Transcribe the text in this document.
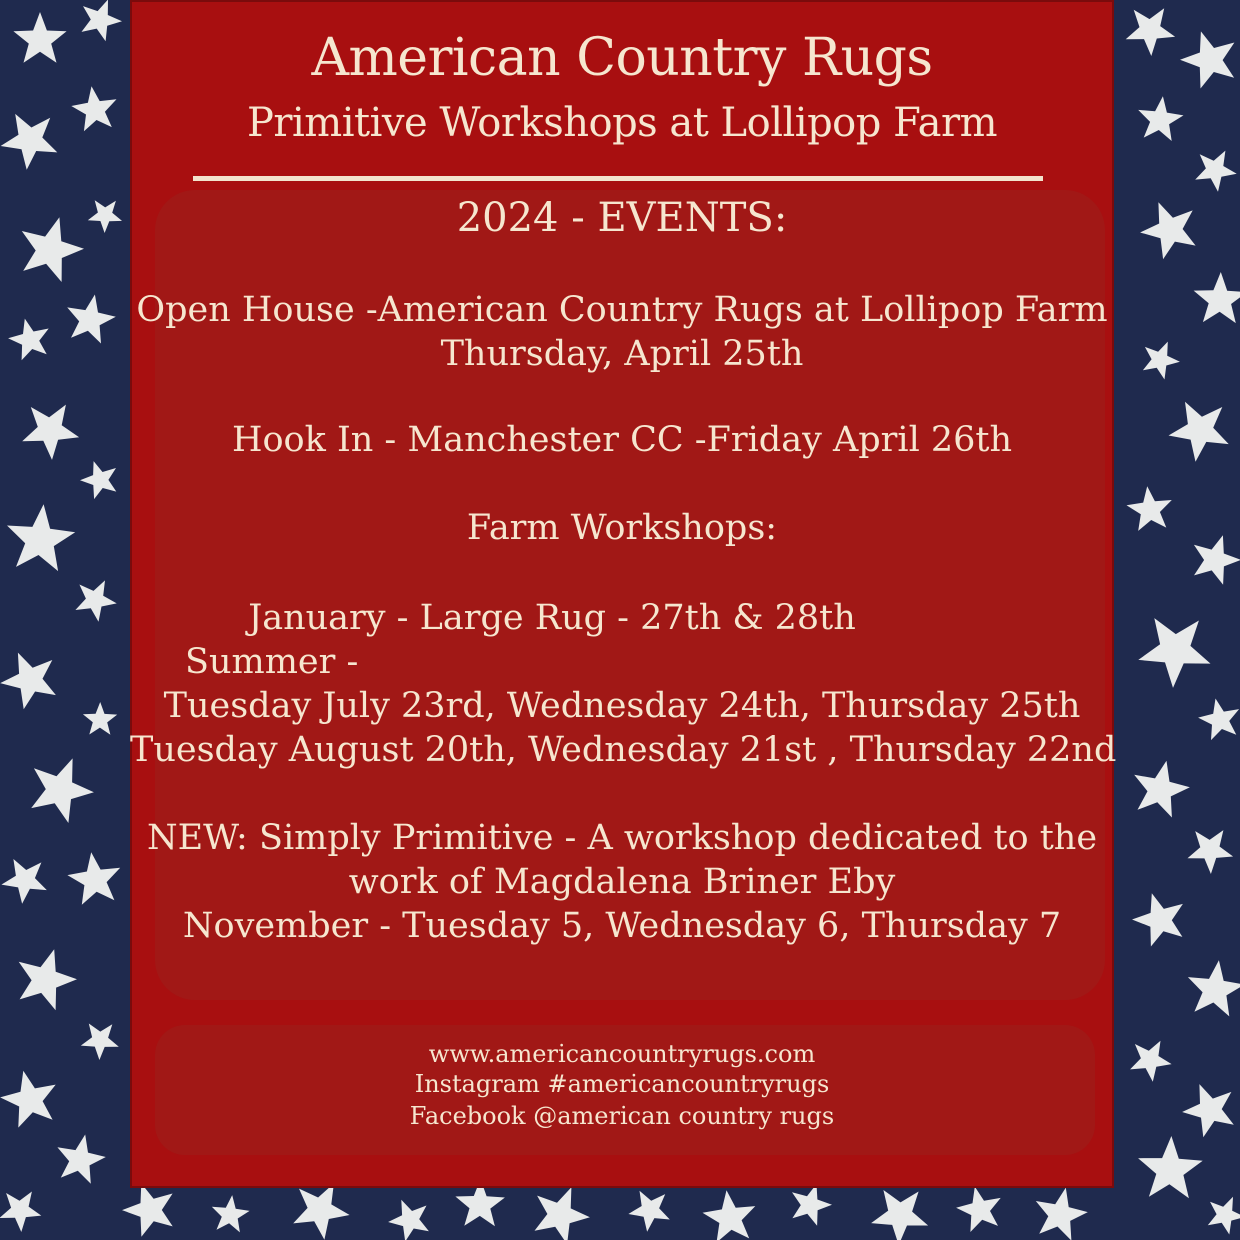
American Country Rugs
Primitive Workshops at Lollipop Farm
2024 - EVENTS:
Open House -American Country Rugs at Lollipop Farm
Thursday, April 25th
Hook In - Manchester CC -Friday April 26th
Farm Workshops:
January - Large Rug - 27th & 28th
Summer -
Tuesday July 23rd, Wednesday 24th, Thursday 25th
Tuesday August 20th, Wednesday 21st , Thursday 22nd
NEW: Simply Primitive - A workshop dedicated to the
work of Magdalena Briner Eby
November - Tuesday 5, Wednesday 6, Thursday 7
www.americancountryrugs.com
Instagram #americancountryrugs
Facebook @american country rugs
